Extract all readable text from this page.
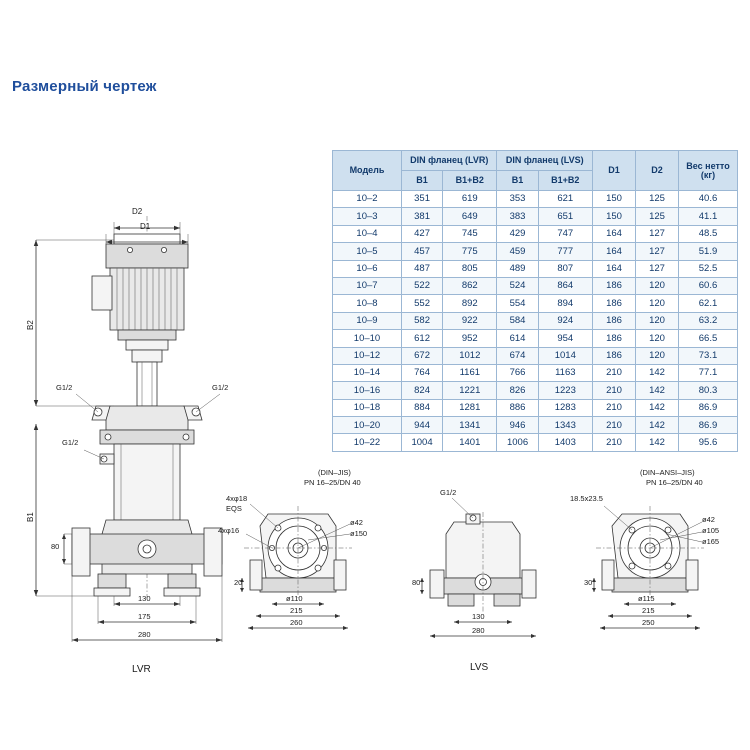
Размерный чертеж
Модель	DIN фланец (LVR)		DIN фланец (LVS)		D1	D2	Вес нетто (кг)
	B1	B1+B2	B1	B1+B2			
10–2	351	619	353	621	150	125	40.6
10–3	381	649	383	651	150	125	41.1
10–4	427	745	429	747	164	127	48.5
10–5	457	775	459	777	164	127	51.9
10–6	487	805	489	807	164	127	52.5
10–7	522	862	524	864	186	120	60.6
10–8	552	892	554	894	186	120	62.1
10–9	582	922	584	924	186	120	63.2
10–10	612	952	614	954	186	120	66.5
10–12	672	1012	674	1014	186	120	73.1
10–14	764	1161	766	1163	210	142	77.1
10–16	824	1221	826	1223	210	142	80.3
10–18	884	1281	886	1283	210	142	86.9
10–20	944	1341	946	1343	210	142	86.9
10–22	1004	1401	1006	1403	210	142	95.6
D2
D1
B2
B1
G1/2	G1/2
G1/2
80
130
175
280
LVR
4xφ18
EQS
4xφ16
ø42
ø150
20
ø110
215
260
(DIN–JIS)
PN 16–25/DN 40
G1/2
80
130
280
LVS
18.5x23.5
ø42
ø105
ø165
30
ø115
215
250
(DIN–ANSI–JIS)
PN 16–25/DN 40
